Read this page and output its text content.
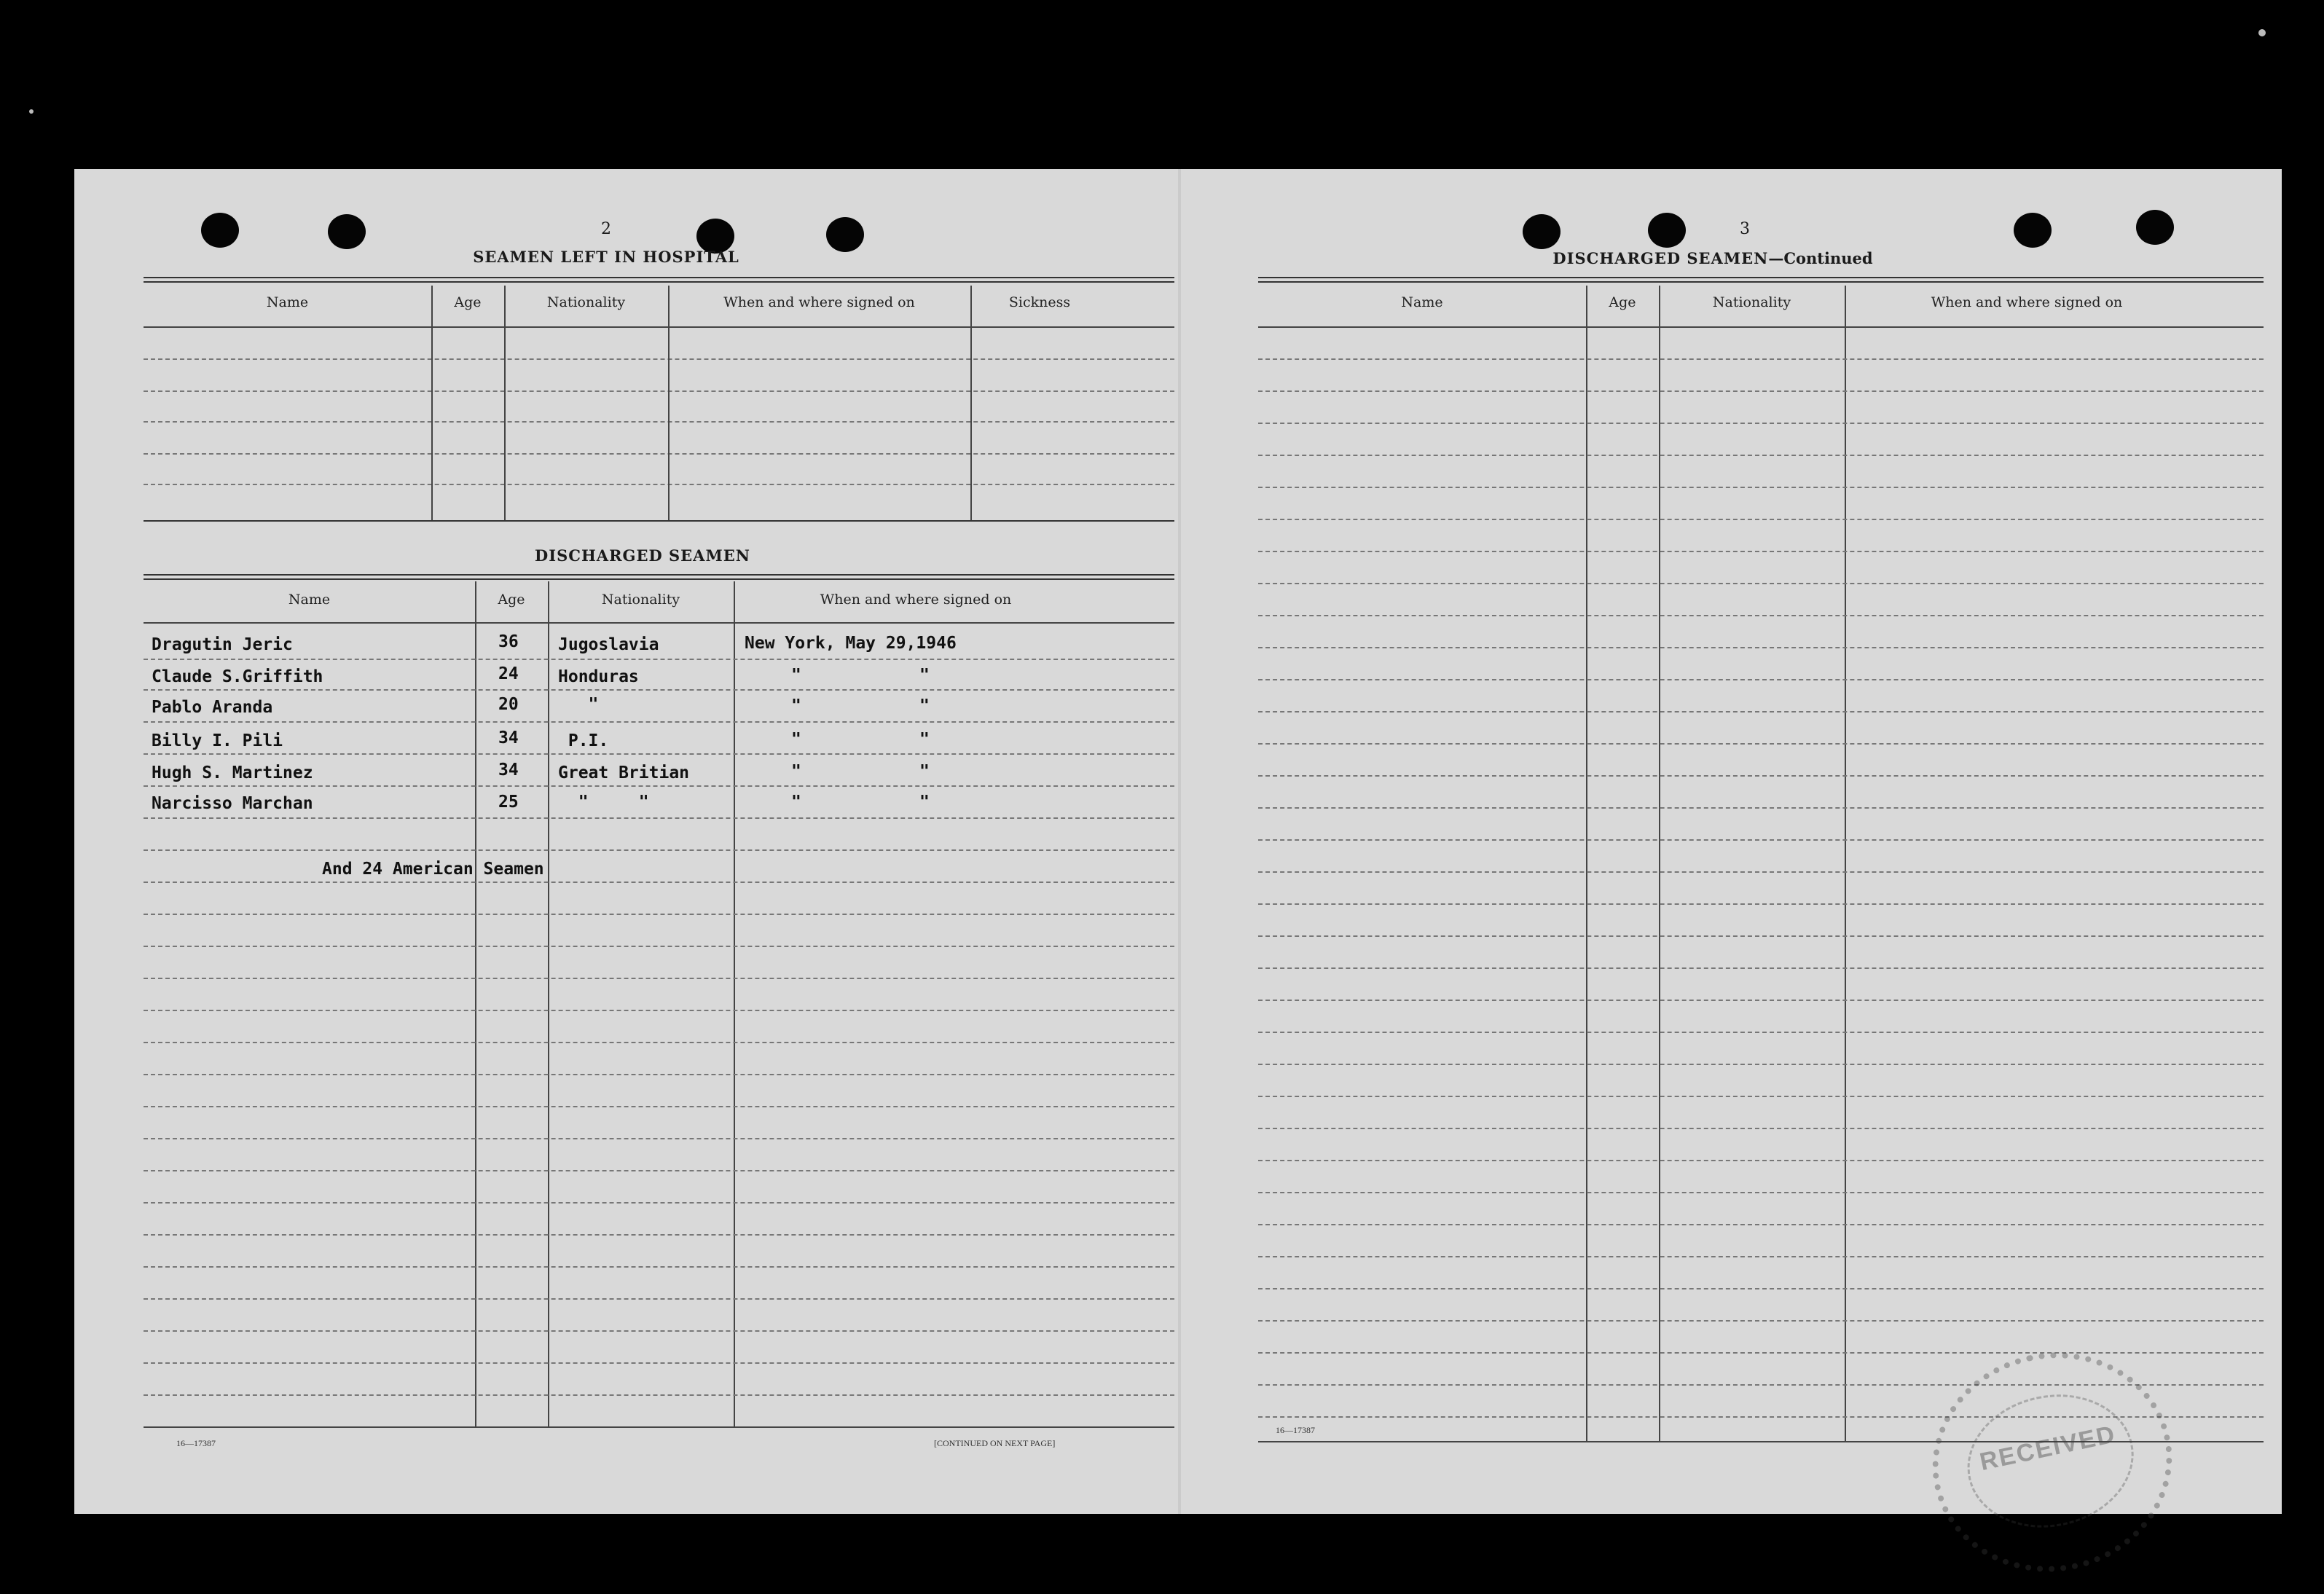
2
SEAMEN LEFT IN HOSPITAL
Name	Age	Nationality	When and where signed on	Sickness
DISCHARGED SEAMEN
Name	Age	Nationality	When and where signed on
Dragutin Jeric	36 Jugoslavia	New York, May 29,1946
Claude S.Griffith	24 Honduras	"	"
Pablo Aranda	20 "	"	"
Billy I. Pili	34 P.I.	"	"
Hugh S. Martinez	34 Great Britian	"	"
Narcisso Marchan	25 "     "	"	"
And 24 American Seamen
16—17387	[CONTINUED ON NEXT PAGE]
3
DISCHARGED SEAMEN—Continued
Name	Age	Nationality	When and where signed on
16—17387	RECEIVED
